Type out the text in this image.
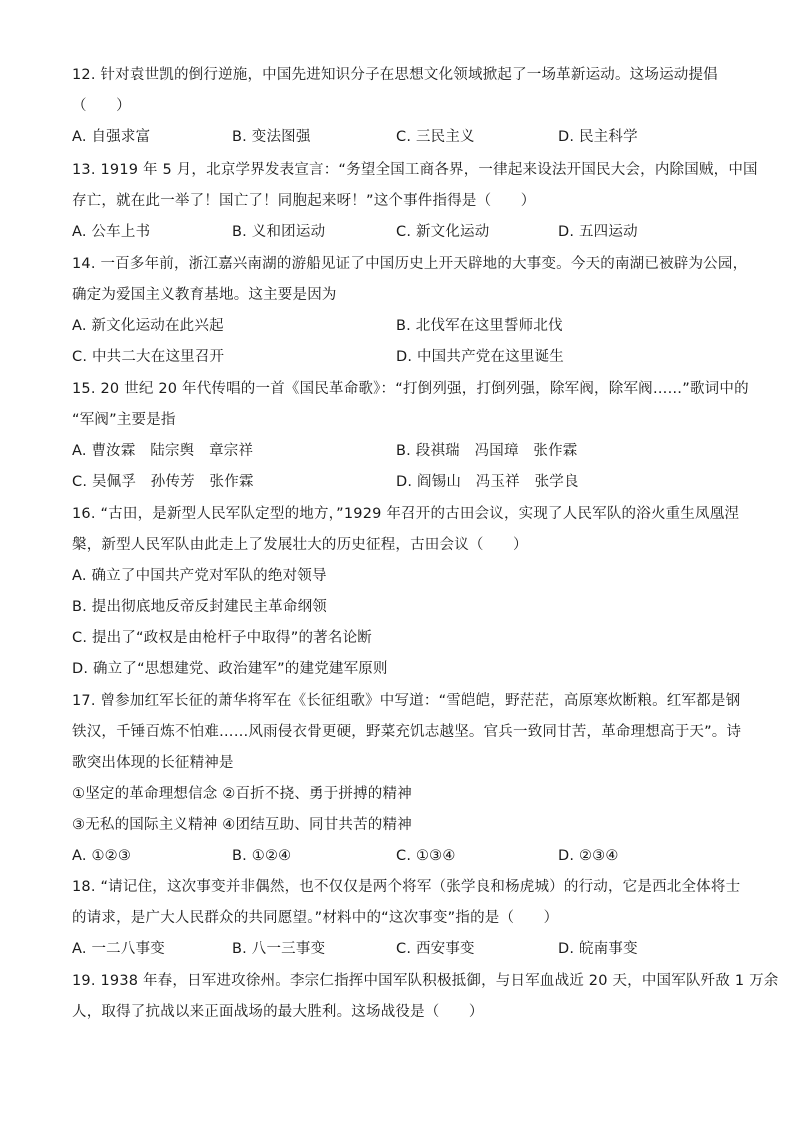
12. 针对袁世凯的倒行逆施，中国先进知识分子在思想文化领域掀起了一场革新运动。这场运动提倡
（　　）
A. 自强求富	B. 变法图强	C. 三民主义	D. 民主科学
13. 1919 年 5 月，北京学界发表宣言：“务望全国工商各界，一律起来设法开国民大会，内除国贼，中国
存亡，就在此一举了！国亡了！同胞起来呀！”这个事件指得是（　　）
A. 公车上书	B. 义和团运动	C. 新文化运动	D. 五四运动
14. 一百多年前，浙江嘉兴南湖的游船见证了中国历史上开天辟地的大事变。今天的南湖已被辟为公园，
确定为爱国主义教育基地。这主要是因为
A. 新文化运动在此兴起	B. 北伐军在这里誓师北伐
C. 中共二大在这里召开	D. 中国共产党在这里诞生
15. 20 世纪 20 年代传唱的一首《国民革命歌》：“打倒列强，打倒列强，除军阀，除军阀……”歌词中的
“军阀”主要是指
A. 曹汝霖　陆宗舆　章宗祥	B. 段祺瑞　冯国璋　张作霖
C. 吴佩孚　孙传芳　张作霖	D. 阎锡山　冯玉祥　张学良
16. “古田，是新型人民军队定型的地方，”1929 年召开的古田会议，实现了人民军队的浴火重生凤凰涅
槃，新型人民军队由此走上了发展壮大的历史征程，古田会议（　　）
A. 确立了中国共产党对军队的绝对领导
B. 提出彻底地反帝反封建民主革命纲领
C. 提出了“政权是由枪杆子中取得”的著名论断
D. 确立了“思想建党、政治建军”的建党建军原则
17. 曾参加红军长征的萧华将军在《长征组歌》中写道：“雪皑皑，野茫茫，高原寒炊断粮。红军都是钢
铁汉，千锤百炼不怕难……风雨侵衣骨更硬，野菜充饥志越坚。官兵一致同甘苦，革命理想高于天”。诗
歌突出体现的长征精神是
①坚定的革命理想信念 ②百折不挠、勇于拼搏的精神
③无私的国际主义精神 ④团结互助、同甘共苦的精神
A. ①②③	B. ①②④	C. ①③④	D. ②③④
18. “请记住，这次事变并非偶然，也不仅仅是两个将军（张学良和杨虎城）的行动，它是西北全体将士
的请求，是广大人民群众的共同愿望。”材料中的“这次事变”指的是（　　）
A. 一二八事变	B. 八一三事变	C. 西安事变	D. 皖南事变
19. 1938 年春，日军进攻徐州。李宗仁指挥中国军队积极抵御，与日军血战近 20 天，中国军队歼敌 1 万余
人，取得了抗战以来正面战场的最大胜利。这场战役是（　　）
